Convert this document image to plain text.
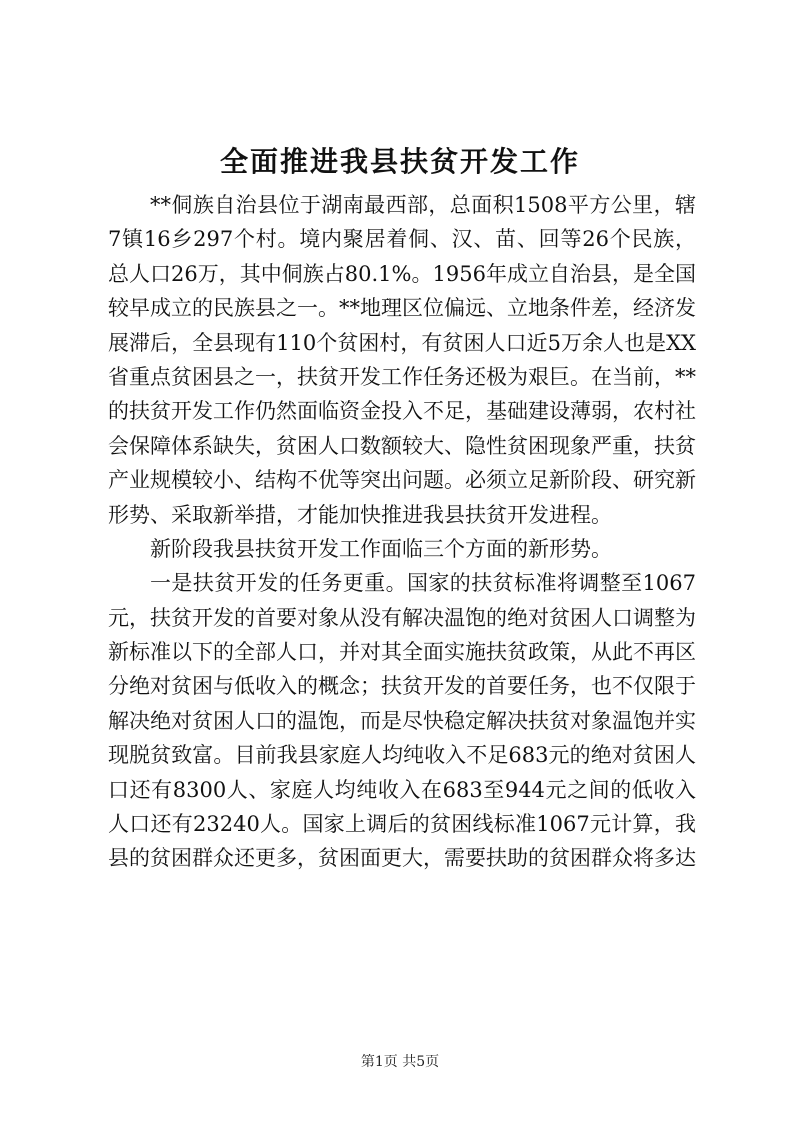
全面推进我县扶贫开发工作
**侗族自治县位于湖南最西部，总面积1508平方公里，辖
7镇16乡297个村。境内聚居着侗、汉、苗、回等26个民族，
总人口26万，其中侗族占80.1%。1956年成立自治县，是全国
较早成立的民族县之一。**地理区位偏远、立地条件差，经济发
展滞后，全县现有110个贫困村，有贫困人口近5万余人也是XX
省重点贫困县之一，扶贫开发工作任务还极为艰巨。在当前，**
的扶贫开发工作仍然面临资金投入不足，基础建设薄弱，农村社
会保障体系缺失，贫困人口数额较大、隐性贫困现象严重，扶贫
产业规模较小、结构不优等突出问题。必须立足新阶段、研究新
形势、采取新举措，才能加快推进我县扶贫开发进程。
新阶段我县扶贫开发工作面临三个方面的新形势。
一是扶贫开发的任务更重。国家的扶贫标准将调整至1067
元，扶贫开发的首要对象从没有解决温饱的绝对贫困人口调整为
新标准以下的全部人口，并对其全面实施扶贫政策，从此不再区
分绝对贫困与低收入的概念；扶贫开发的首要任务，也不仅限于
解决绝对贫困人口的温饱，而是尽快稳定解决扶贫对象温饱并实
现脱贫致富。目前我县家庭人均纯收入不足683元的绝对贫困人
口还有8300人、家庭人均纯收入在683至944元之间的低收入
人口还有23240人。国家上调后的贫困线标准1067元计算，我
县的贫困群众还更多，贫困面更大，需要扶助的贫困群众将多达
第1页 共5页
